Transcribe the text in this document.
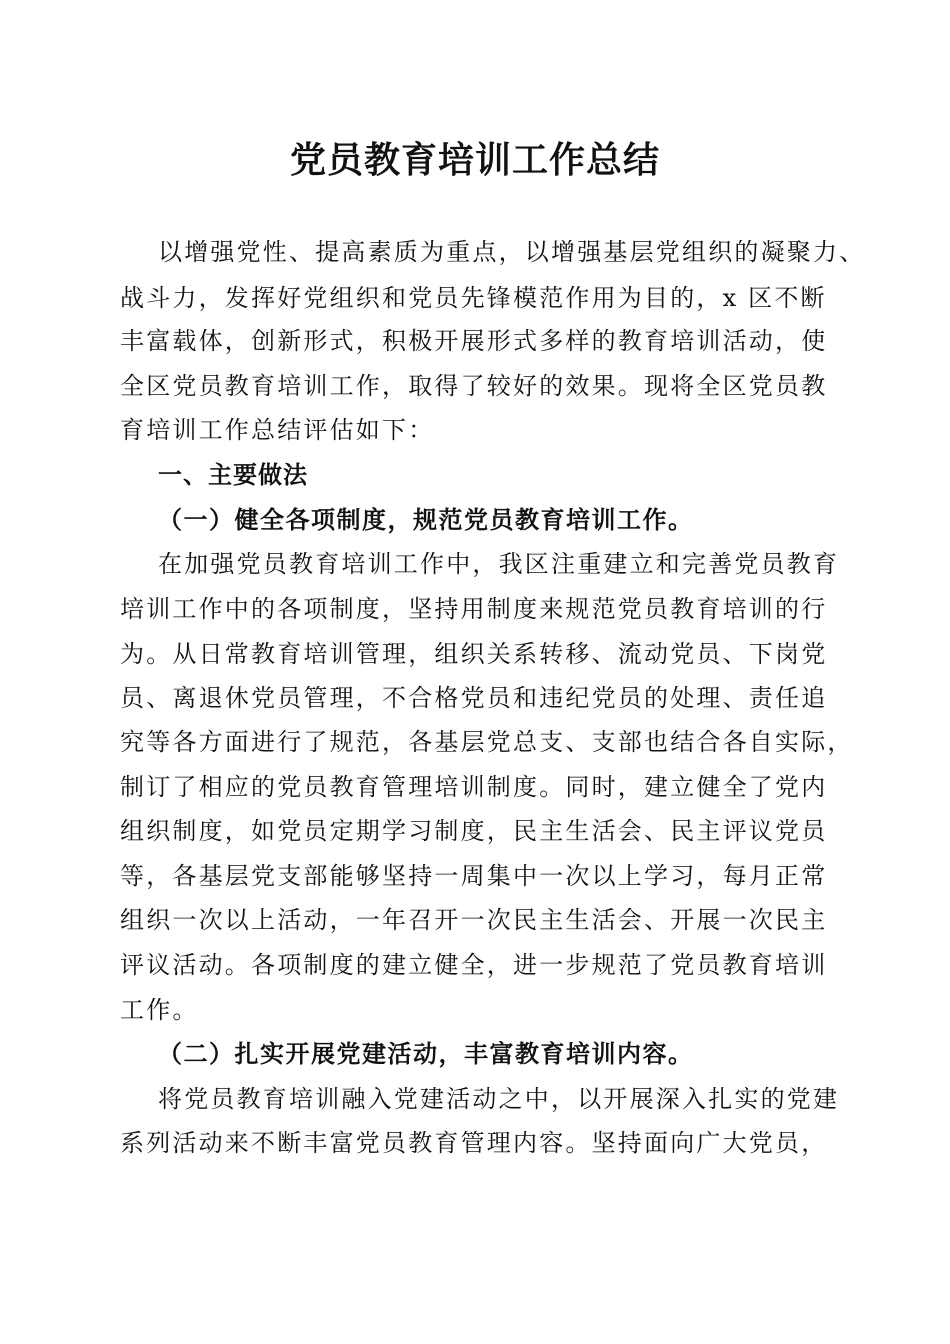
党员教育培训工作总结
以增强党性、提高素质为重点，以增强基层党组织的凝聚力、
战斗力，发挥好党组织和党员先锋模范作用为目的，x 区不断
丰富载体，创新形式，积极开展形式多样的教育培训活动，使
全区党员教育培训工作，取得了较好的效果。现将全区党员教
育培训工作总结评估如下：
一、主要做法
（一）健全各项制度，规范党员教育培训工作。
在加强党员教育培训工作中，我区注重建立和完善党员教育
培训工作中的各项制度，坚持用制度来规范党员教育培训的行
为。从日常教育培训管理，组织关系转移、流动党员、下岗党
员、离退休党员管理，不合格党员和违纪党员的处理、责任追
究等各方面进行了规范，各基层党总支、支部也结合各自实际，
制订了相应的党员教育管理培训制度。同时，建立健全了党内
组织制度，如党员定期学习制度，民主生活会、民主评议党员
等，各基层党支部能够坚持一周集中一次以上学习，每月正常
组织一次以上活动，一年召开一次民主生活会、开展一次民主
评议活动。各项制度的建立健全，进一步规范了党员教育培训
工作。
（二）扎实开展党建活动，丰富教育培训内容。
将党员教育培训融入党建活动之中，以开展深入扎实的党建
系列活动来不断丰富党员教育管理内容。坚持面向广大党员，
